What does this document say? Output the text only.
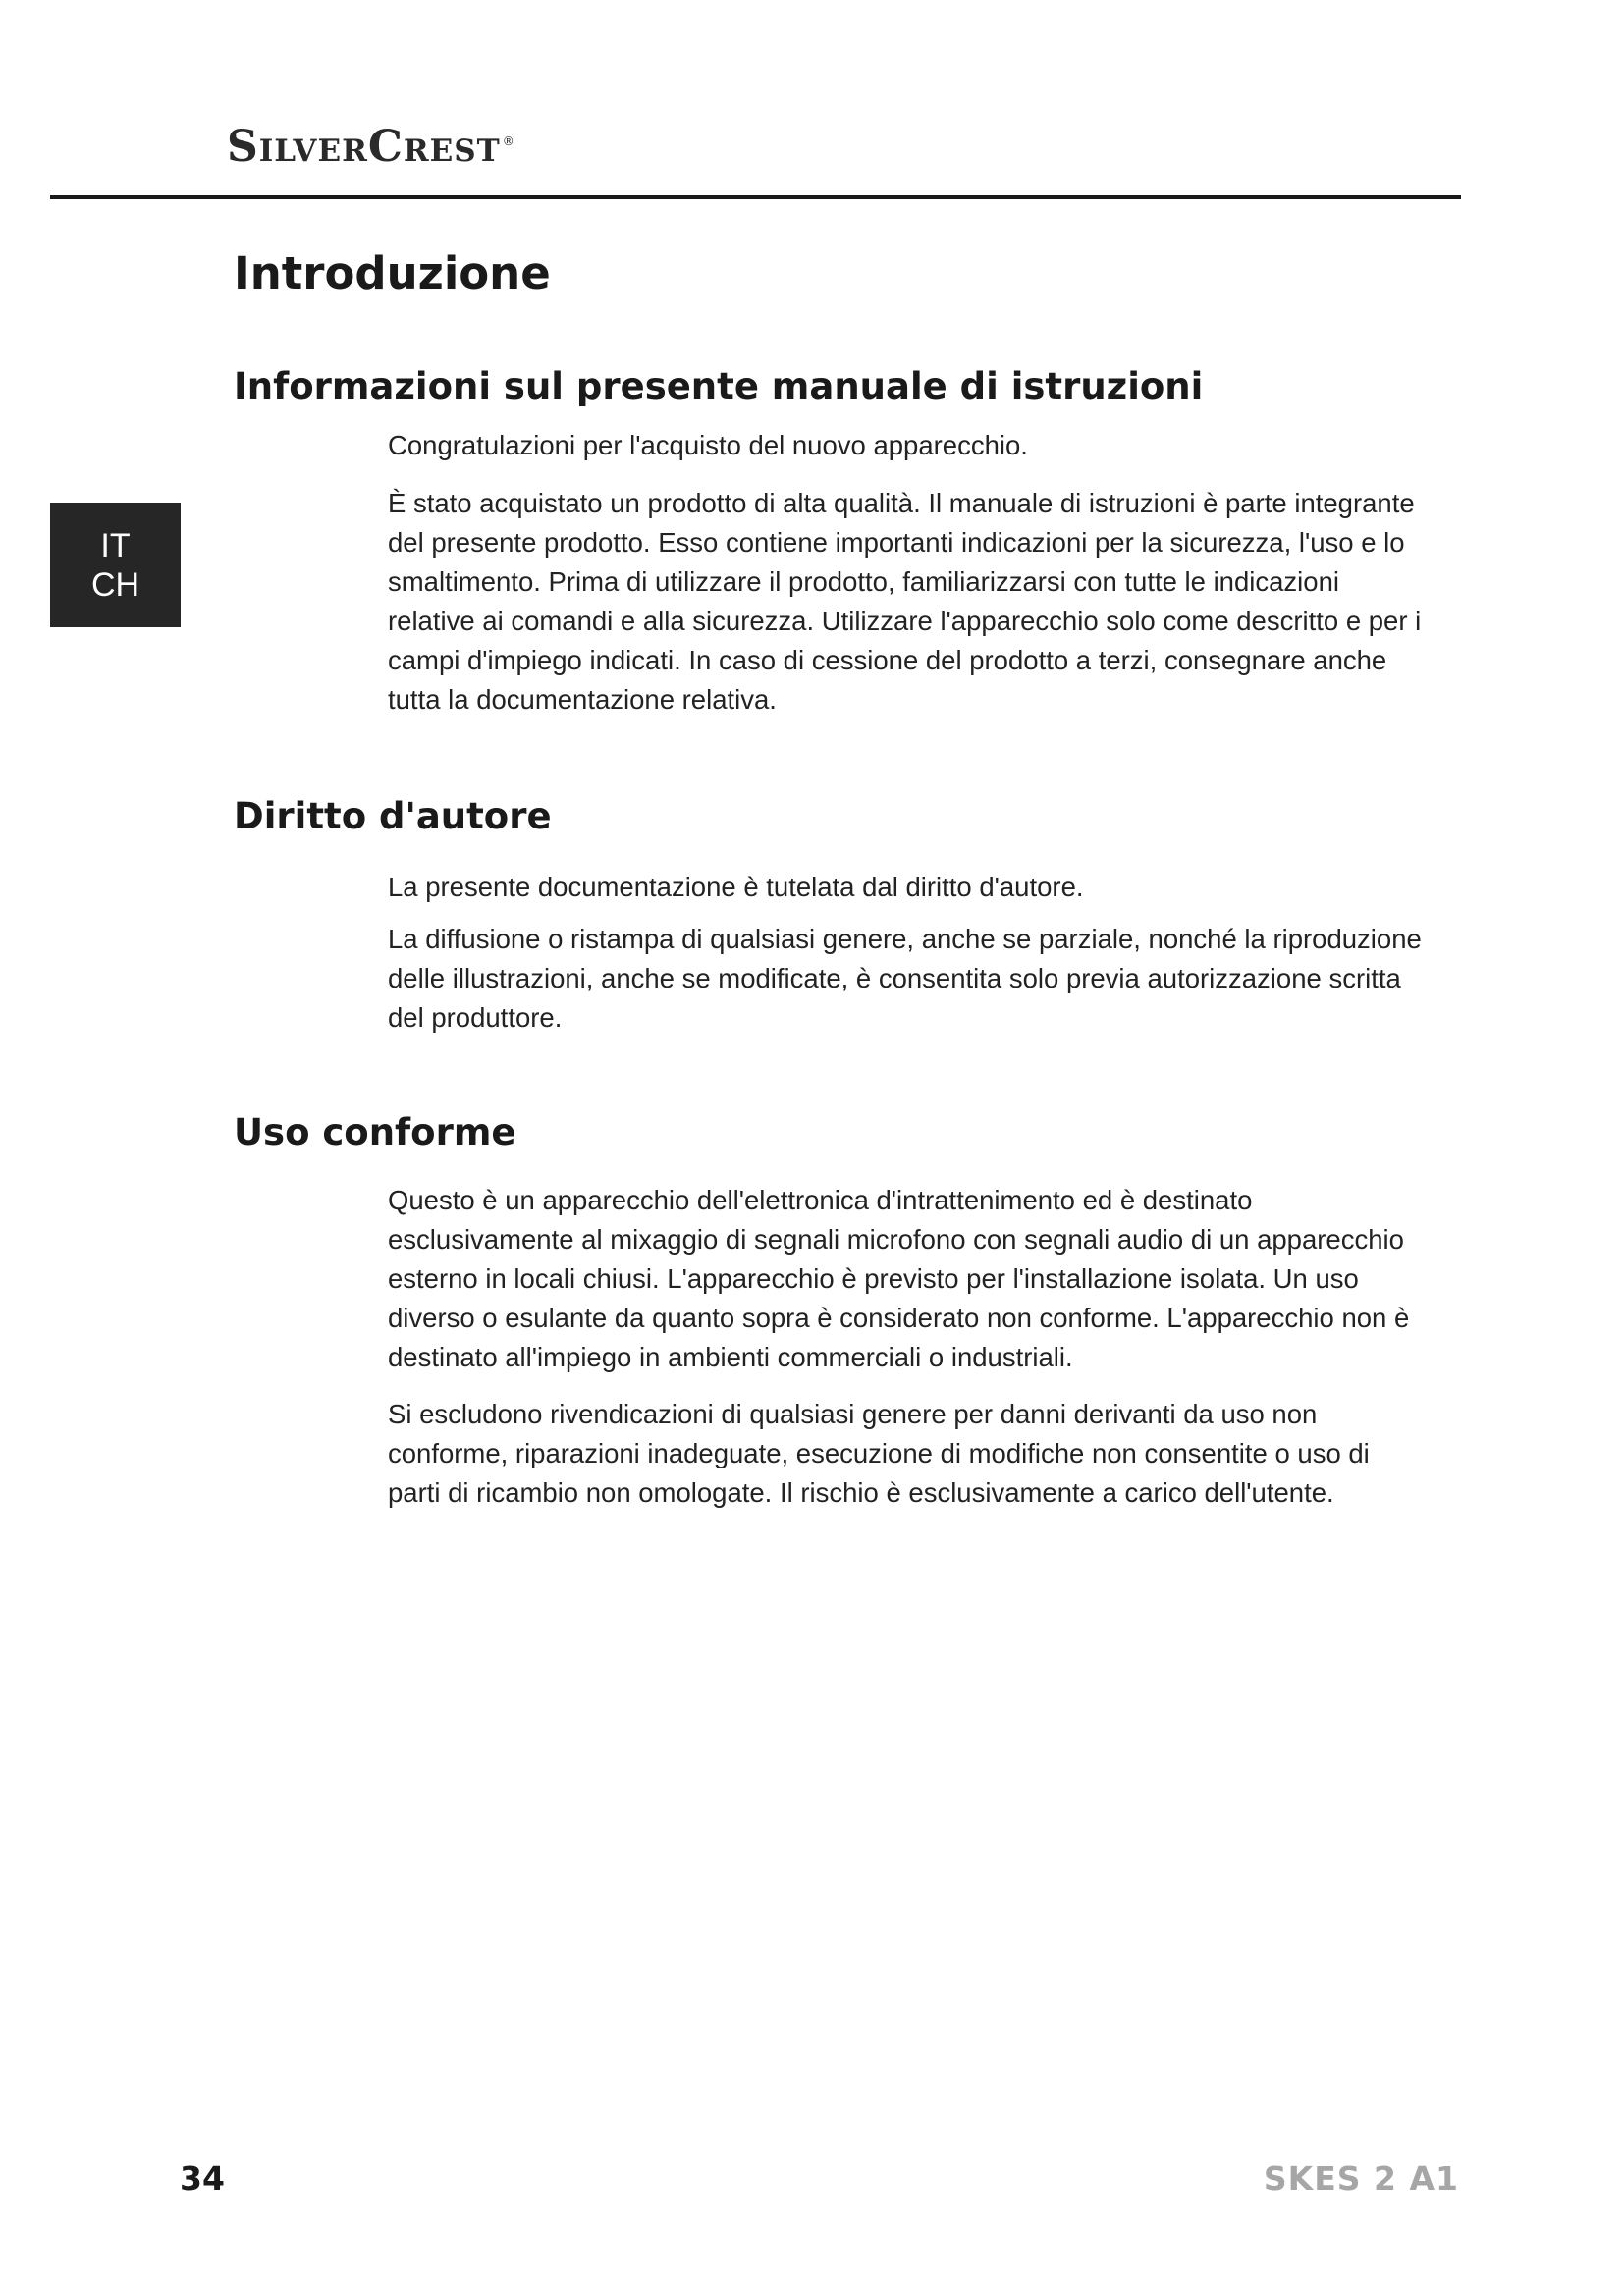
SilverCrest ®
IT
CH
Introduzione
Informazioni sul presente manuale di istruzioni

Congratulazioni per l'acquisto del nuovo apparecchio.

È stato acquistato un prodotto di alta qualità. Il manuale di istruzioni è parte integrante del presente prodotto. Esso contiene importanti indicazioni per la sicurezza, l'uso e lo smaltimento. Prima di utilizzare il prodotto, familiarizzarsi con tutte le indicazioni relative ai comandi e alla sicurezza. Utilizzare l'apparecchio solo come descritto e per i campi d'impiego indicati. In caso di cessione del prodotto a terzi, consegnare anche tutta la documentazione relativa.

Diritto d'autore

La presente documentazione è tutelata dal diritto d'autore.

La diffusione o ristampa di qualsiasi genere, anche se parziale, nonché la riproduzione delle illustrazioni, anche se modificate, è consentita solo previa autorizzazione scritta del produttore.

Uso conforme

Questo è un apparecchio dell'elettronica d'intrattenimento ed è destinato esclusivamente al mixaggio di segnali microfono con segnali audio di un apparecchio esterno in locali chiusi. L'apparecchio è previsto per l'installazione isolata. Un uso diverso o esulante da quanto sopra è considerato non conforme. L'apparecchio non è destinato all'impiego in ambienti commerciali o industriali.

Si escludono rivendicazioni di qualsiasi genere per danni derivanti da uso non conforme, riparazioni inadeguate, esecuzione di modifiche non consentite o uso di parti di ricambio non omologate. Il rischio è esclusivamente a carico dell'utente.

34	SKES 2 A1
